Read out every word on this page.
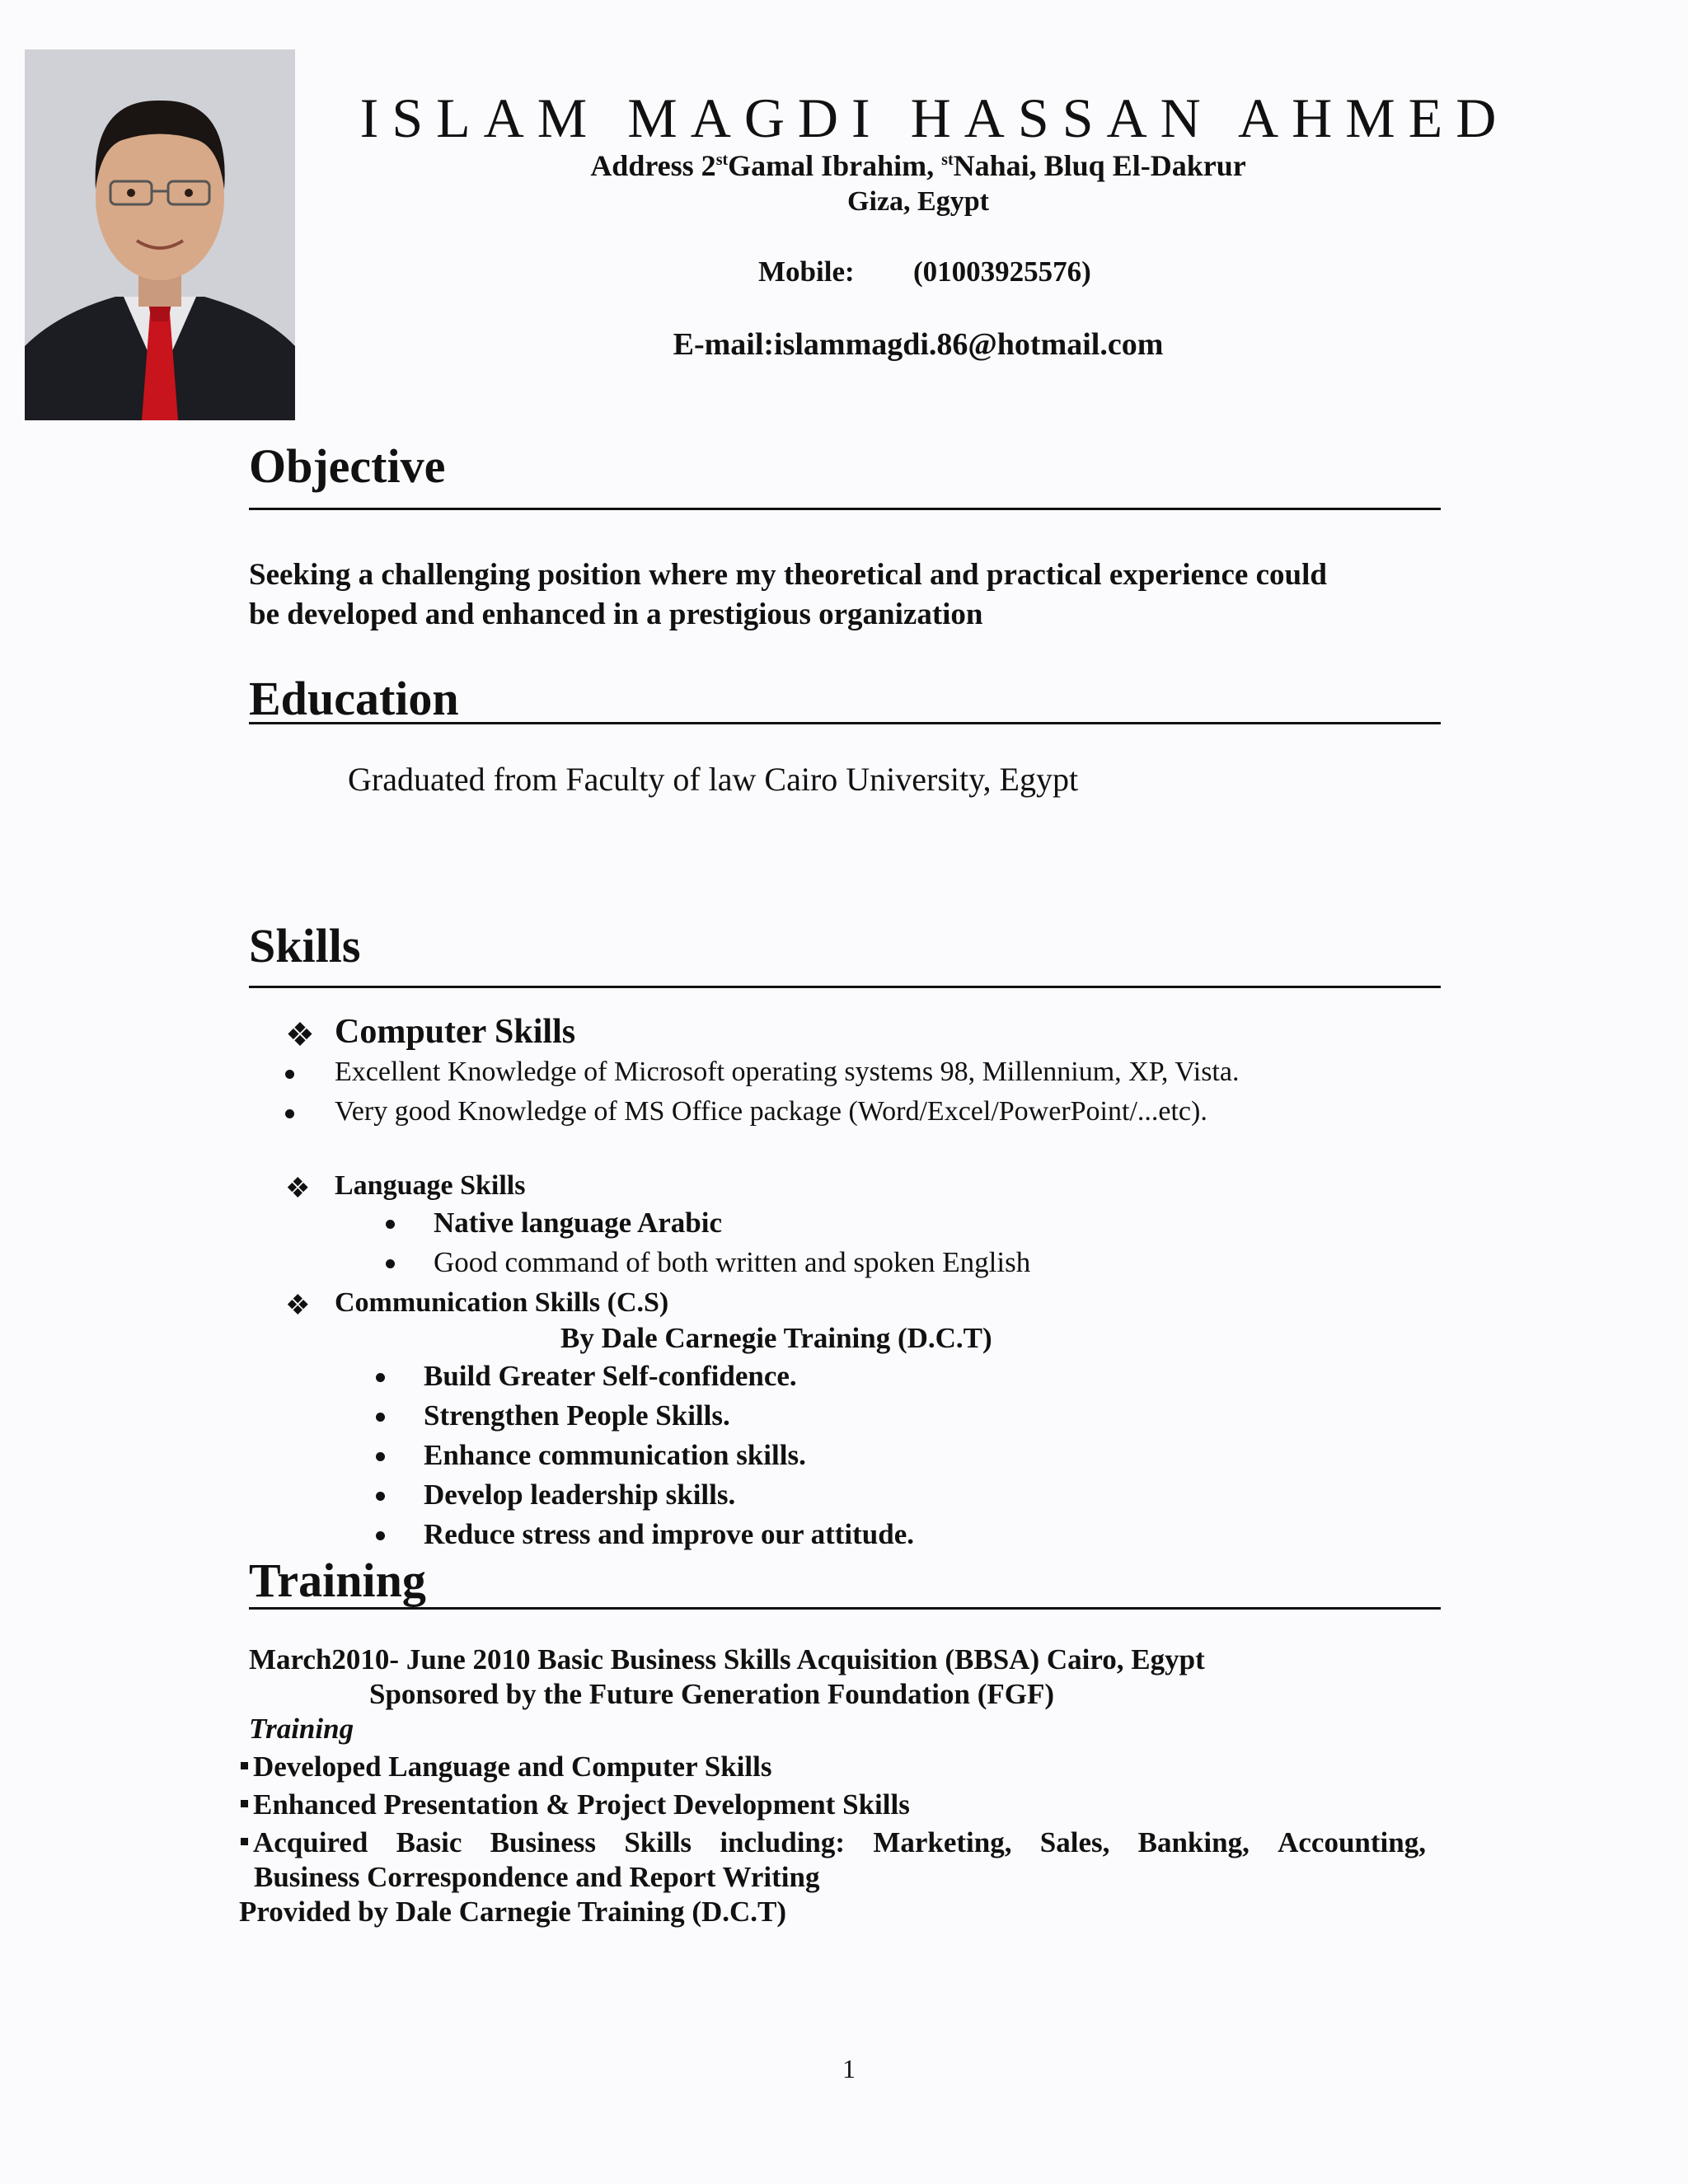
ISLAM MAGDI HASSAN AHMED
Address 2stGamal Ibrahim, $^{st}$Nahai, Bluq El-Dakrur
Giza, Egypt
Mobile: (01003925576)
E-mail:islammagdi.86@hotmail.com
Objective
Seeking a challenging position where my theoretical and practical experience could
be developed and enhanced in a prestigious organization
Education
Graduated from Faculty of law Cairo University, Egypt
Skills
❖ Computer Skills
Excellent Knowledge of Microsoft operating systems 98, Millennium, XP, Vista.
Very good Knowledge of MS Office package (Word/Excel/PowerPoint/...etc).
❖ Language Skills
Native language Arabic
Good command of both written and spoken English
❖ Communication Skills (C.S)
By Dale Carnegie Training (D.C.T)
Build Greater Self-confidence.
Strengthen People Skills.
Enhance communication skills.
Develop leadership skills.
Reduce stress and improve our attitude.
Training
March2010- June 2010 Basic Business Skills Acquisition (BBSA) Cairo, Egypt
Sponsored by the Future Generation Foundation (FGF)
Training
Developed Language and Computer Skills
Enhanced Presentation & Project Development Skills
Acquired Basic Business Skills including: Marketing, Sales, Banking, Accounting,
Business Correspondence and Report Writing
Provided by Dale Carnegie Training (D.C.T)
1
